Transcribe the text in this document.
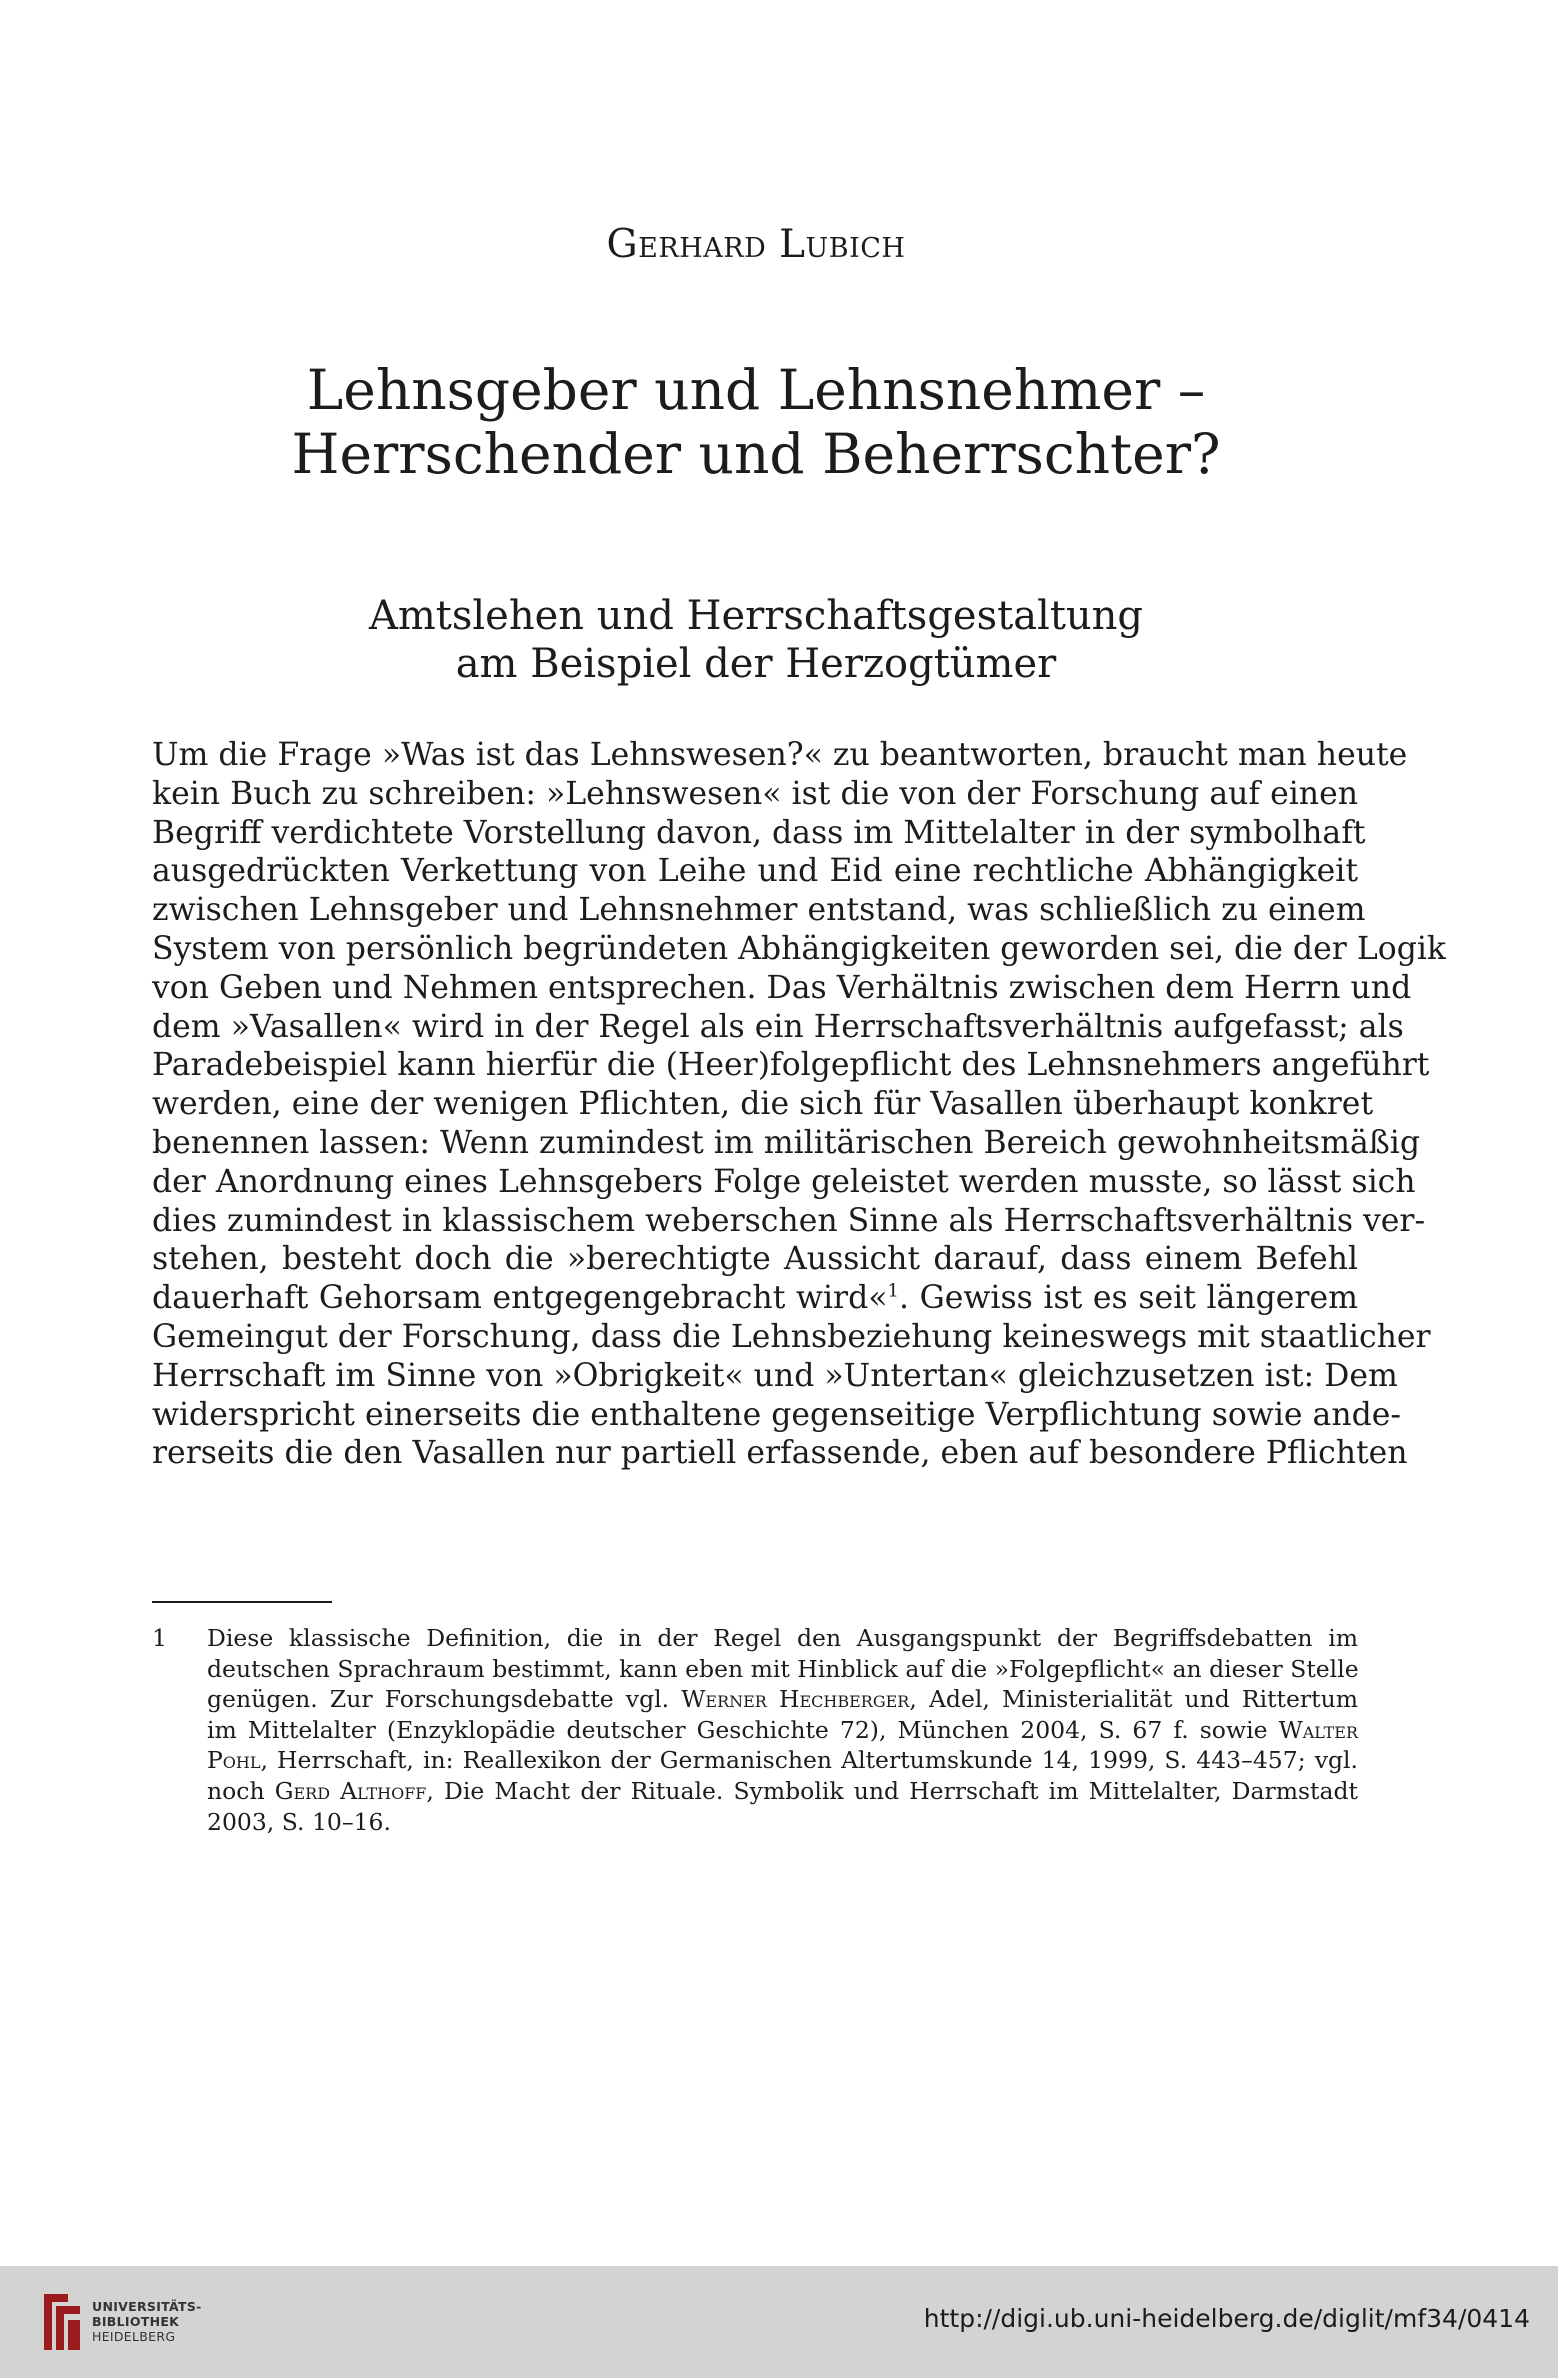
Gerhard Lubich
Lehnsgeber und Lehnsnehmer –
Herrschender und Beherrschter?
Amtslehen und Herrschaftsgestaltung
am Beispiel der Herzogtümer
Um die Frage »Was ist das Lehnswesen?« zu beantworten, braucht man heute
kein Buch zu schreiben: »Lehnswesen« ist die von der Forschung auf einen
Begriff verdichtete Vorstellung davon, dass im Mittelalter in der symbolhaft
ausgedrückten Verkettung von Leihe und Eid eine rechtliche Abhängigkeit
zwischen Lehnsgeber und Lehnsnehmer entstand, was schließlich zu einem
System von persönlich begründeten Abhängigkeiten geworden sei, die der Logik
von Geben und Nehmen entsprechen. Das Verhältnis zwischen dem Herrn und
dem »Vasallen« wird in der Regel als ein Herrschaftsverhältnis aufgefasst; als
Paradebeispiel kann hierfür die (Heer)folgepflicht des Lehnsnehmers angeführt
werden, eine der wenigen Pflichten, die sich für Vasallen überhaupt konkret
benennen lassen: Wenn zumindest im militärischen Bereich gewohnheitsmäßig
der Anordnung eines Lehnsgebers Folge geleistet werden musste, so lässt sich
dies zumindest in klassischem weberschen Sinne als Herrschaftsverhältnis ver-
stehen, besteht doch die »berechtigte Aussicht darauf, dass einem Befehl
dauerhaft Gehorsam entgegengebracht wird«$^1$. Gewiss ist es seit längerem
Gemeingut der Forschung, dass die Lehnsbeziehung keineswegs mit staatlicher
Herrschaft im Sinne von »Obrigkeit« und »Untertan« gleichzusetzen ist: Dem
widerspricht einerseits die enthaltene gegenseitige Verpflichtung sowie ande-
rerseits die den Vasallen nur partiell erfassende, eben auf besondere Pflichten
1 Diese klassische Definition, die in der Regel den Ausgangspunkt der Begriffsdebatten im
deutschen Sprachraum bestimmt, kann eben mit Hinblick auf die »Folgepflicht« an dieser Stelle
genügen. Zur Forschungsdebatte vgl. Werner Hechberger, Adel, Ministerialität und Rittertum
im Mittelalter (Enzyklopädie deutscher Geschichte 72), München 2004, S. 67 f. sowie Walter
Pohl, Herrschaft, in: Reallexikon der Germanischen Altertumskunde 14, 1999, S. 443–457; vgl.
noch Gerd Althoff, Die Macht der Rituale. Symbolik und Herrschaft im Mittelalter, Darmstadt
2003, S. 10–16.
UNIVERSITÄTS-
BIBLIOTHEK
HEIDELBERG
http://digi.ub.uni-heidelberg.de/diglit/mf34/0414
